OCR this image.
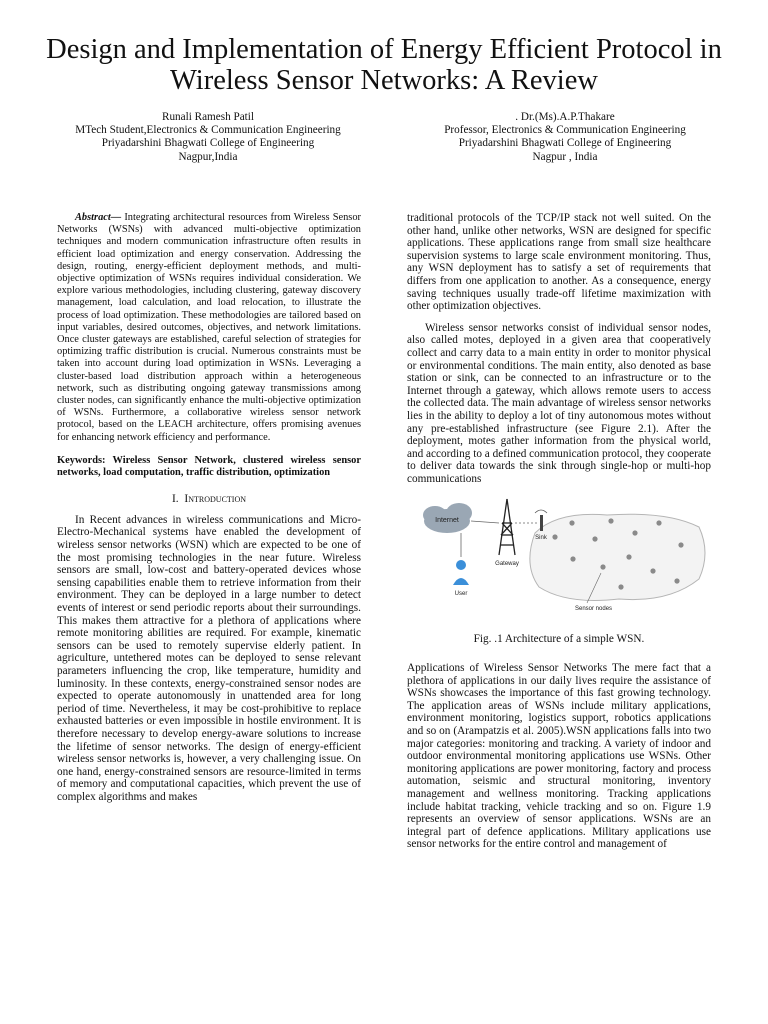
Design and Implementation of Energy Efficient Protocol in Wireless Sensor Networks: A Review
Runali Ramesh Patil
MTech Student,Electronics & Communication Engineering
Priyadarshini Bhagwati College of Engineering
Nagpur,India
. Dr.(Ms).A.P.Thakare
Professor, Electronics & Communication Engineering
Priyadarshini Bhagwati College of Engineering
Nagpur , India

Abstract— Integrating architectural resources from Wireless Sensor Networks (WSNs) with advanced multi-objective optimization techniques and modern communication infrastructure often results in efficient load optimization and energy conservation. Addressing the design, routing, energy-efficient deployment methods, and multi-objective optimization of WSNs requires individual consideration. We explore various methodologies, including clustering, gateway discovery management, load calculation, and load relocation, to illustrate the process of load optimization. These methodologies are tailored based on input variables, desired outcomes, objectives, and network limitations. Once cluster gateways are established, careful selection of strategies for optimizing traffic distribution is crucial. Numerous constraints must be taken into account during load optimization in WSNs. Leveraging a cluster-based load distribution approach within a heterogeneous network, such as distributing ongoing gateway transmissions among cluster nodes, can significantly enhance the multi-objective optimization of WSNs. Furthermore, a collaborative wireless sensor network protocol, based on the LEACH architecture, offers promising avenues for enhancing network efficiency and performance.

Keywords: Wireless Sensor Network, clustered wireless sensor networks, load computation, traffic distribution, optimization

I. Introduction

In Recent advances in wireless communications and Micro-Electro-Mechanical systems have enabled the development of wireless sensor networks (WSN) which are expected to be one of the most promising technologies in the near future. Wireless sensors are small, low-cost and battery-operated devices whose sensing capabilities enable them to retrieve information from their environment. They can be deployed in a large number to detect events of interest or send periodic reports about their surroundings. This makes them attractive for a plethora of applications where remote monitoring abilities are required. For example, kinematic sensors can be used to remotely supervise elderly patient. In agriculture, untethered motes can be deployed to sense relevant parameters influencing the crop, like temperature, humidity and luminosity. In these contexts, energy-constrained sensor nodes are expected to operate autonomously in unattended area for long period of time. Nevertheless, it may be cost-prohibitive to replace exhausted batteries or even impossible in hostile environment. It is therefore necessary to develop energy-aware solutions to increase the lifetime of sensor networks. The design of energy-efficient wireless sensor networks is, however, a very challenging issue. On one hand, energy-constrained sensors are resource-limited in terms of memory and computational capacities, which prevent the use of complex algorithms and makes

traditional protocols of the TCP/IP stack not well suited. On the other hand, unlike other networks, WSN are designed for specific applications. These applications range from small size healthcare supervision systems to large scale environment monitoring. Thus, any WSN deployment has to satisfy a set of requirements that differs from one application to another. As a consequence, energy saving techniques usually trade-off lifetime maximization with other optimization objectives.

Wireless sensor networks consist of individual sensor nodes, also called motes, deployed in a given area that cooperatively collect and carry data to a main entity in order to monitor physical or environmental conditions. The main entity, also denoted as base station or sink, can be connected to an infrastructure or to the Internet through a gateway, which allows remote users to access the collected data. The main advantage of wireless sensor networks lies in the ability to deploy a lot of tiny autonomous motes without any pre-established infrastructure (see Figure 2.1). After the deployment, motes gather information from the physical world, and according to a defined communication protocol, they cooperate to deliver data towards the sink through single-hop or multi-hop communications

Internet
Gateway
Sink
User
Sensor nodes

Fig. .1 Architecture of a simple WSN.

Applications of Wireless Sensor Networks The mere fact that a plethora of applications in our daily lives require the assistance of WSNs showcases the importance of this fast growing technology. The application areas of WSNs include military applications, environment monitoring, logistics support, robotics applications and so on (Arampatzis et al. 2005).WSN applications falls into two major categories: monitoring and tracking. A variety of indoor and outdoor environmental monitoring applications use WSNs. Other monitoring applications are power monitoring, factory and process automation, seismic and structural monitoring, inventory management and wellness monitoring. Tracking applications include habitat tracking, vehicle tracking and so on. Figure 1.9 represents an overview of sensor applications. WSNs are an integral part of defence applications. Military applications use sensor networks for the entire control and management of
